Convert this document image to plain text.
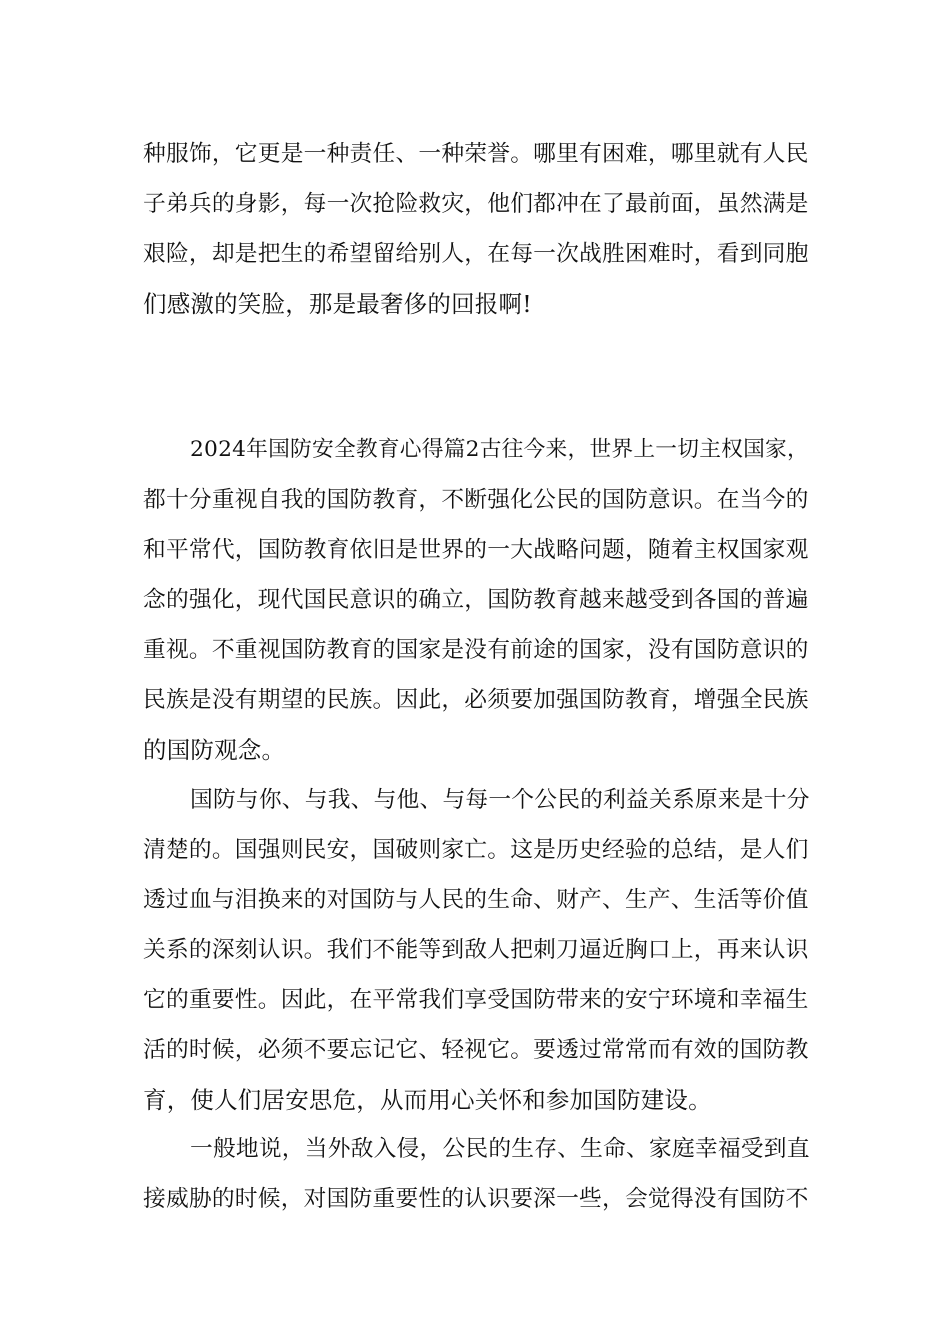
种服饰，它更是一种责任、一种荣誉。哪里有困难，哪里就有人民
子弟兵的身影，每一次抢险救灾，他们都冲在了最前面，虽然满是
艰险，却是把生的希望留给别人，在每一次战胜困难时，看到同胞
们感激的笑脸，那是最奢侈的回报啊!
2024年国防安全教育心得篇2古往今来，世界上一切主权国家，
都十分重视自我的国防教育，不断强化公民的国防意识。在当今的
和平常代，国防教育依旧是世界的一大战略问题，随着主权国家观
念的强化，现代国民意识的确立，国防教育越来越受到各国的普遍
重视。不重视国防教育的国家是没有前途的国家，没有国防意识的
民族是没有期望的民族。因此，必须要加强国防教育，增强全民族
的国防观念。
国防与你、与我、与他、与每一个公民的利益关系原来是十分
清楚的。国强则民安，国破则家亡。这是历史经验的总结，是人们
透过血与泪换来的对国防与人民的生命、财产、生产、生活等价值
关系的深刻认识。我们不能等到敌人把刺刀逼近胸口上，再来认识
它的重要性。因此，在平常我们享受国防带来的安宁环境和幸福生
活的时候，必须不要忘记它、轻视它。要透过常常而有效的国防教
育，使人们居安思危，从而用心关怀和参加国防建设。
一般地说，当外敌入侵，公民的生存、生命、家庭幸福受到直
接威胁的时候，对国防重要性的认识要深一些，会觉得没有国防不
